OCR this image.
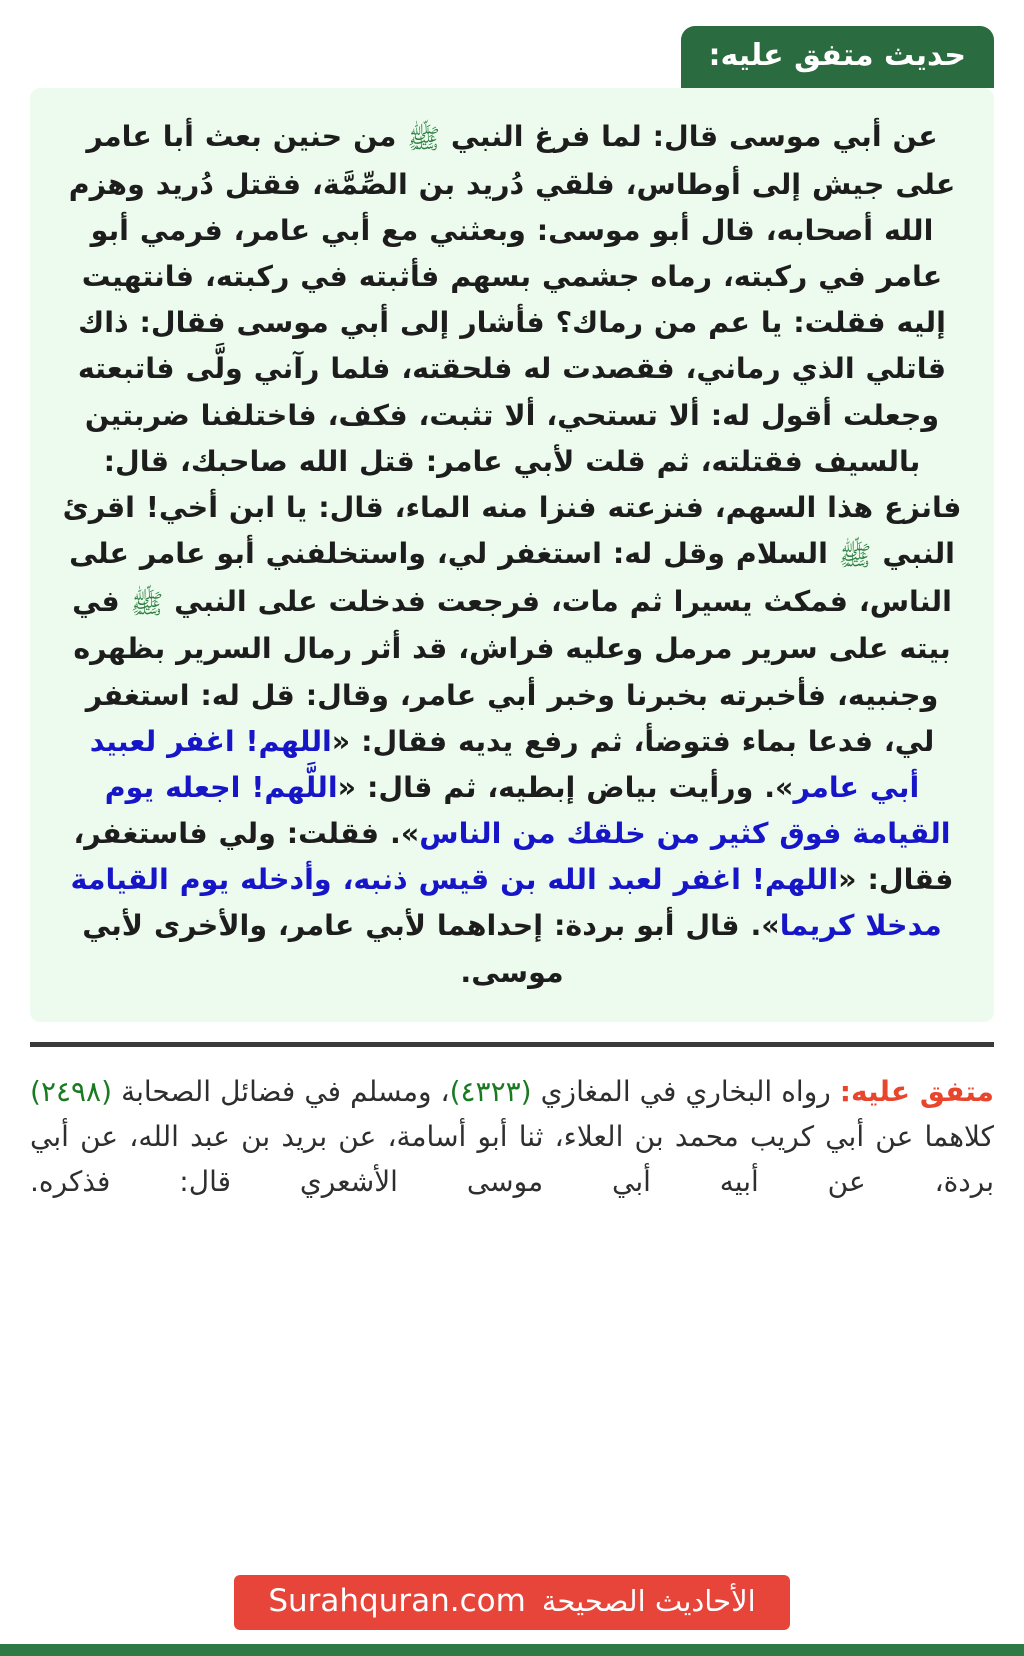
حديث متفق عليه:
عن أبي موسى قال: لما فرغ النبي ﷺ من حنين بعث أبا عامر على جيش إلى أوطاس، فلقي دُريد بن الصِّمَّة، فقتل دُريد وهزم الله أصحابه، قال أبو موسى: وبعثني مع أبي عامر، فرمي أبو عامر في ركبته، رماه جشمي بسهم فأثبته في ركبته، فانتهيت إليه فقلت: يا عم من رماك؟ فأشار إلى أبي موسى فقال: ذاك قاتلي الذي رماني، فقصدت له فلحقته، فلما رآني ولَّى فاتبعته وجعلت أقول له: ألا تستحي، ألا تثبت، فكف، فاختلفنا ضربتين بالسيف فقتلته، ثم قلت لأبي عامر: قتل الله صاحبك، قال: فانزع هذا السهم، فنزعته فنزا منه الماء، قال: يا ابن أخي! اقرئ النبي ﷺ السلام وقل له: استغفر لي، واستخلفني أبو عامر على الناس، فمكث يسيرا ثم مات، فرجعت فدخلت على النبي ﷺ في بيته على سرير مرمل وعليه فراش، قد أثر رمال السرير بظهره وجنبيه، فأخبرته بخبرنا وخبر أبي عامر، وقال: قل له: استغفر لي، فدعا بماء فتوضأ، ثم رفع يديه فقال: «اللهم! اغفر لعبيد أبي عامر». ورأيت بياض إبطيه، ثم قال: «اللَّهم! اجعله يوم القيامة فوق كثير من خلقك من الناس». فقلت: ولي فاستغفر، فقال: «اللهم! اغفر لعبد الله بن قيس ذنبه، وأدخله يوم القيامة مدخلا كريما». قال أبو بردة: إحداهما لأبي عامر، والأخرى لأبي موسى.
متفق عليه: رواه البخاري في المغازي (٤٣٢٣)، ومسلم في فضائل الصحابة (٢٤٩٨) كلاهما عن أبي كريب محمد بن العلاء، ثنا أبو أسامة، عن بريد بن عبد الله، عن أبي بردة، عن أبيه أبي موسى الأشعري قال: فذكره.
الأحاديث الصحيحة
Surahquran.com
